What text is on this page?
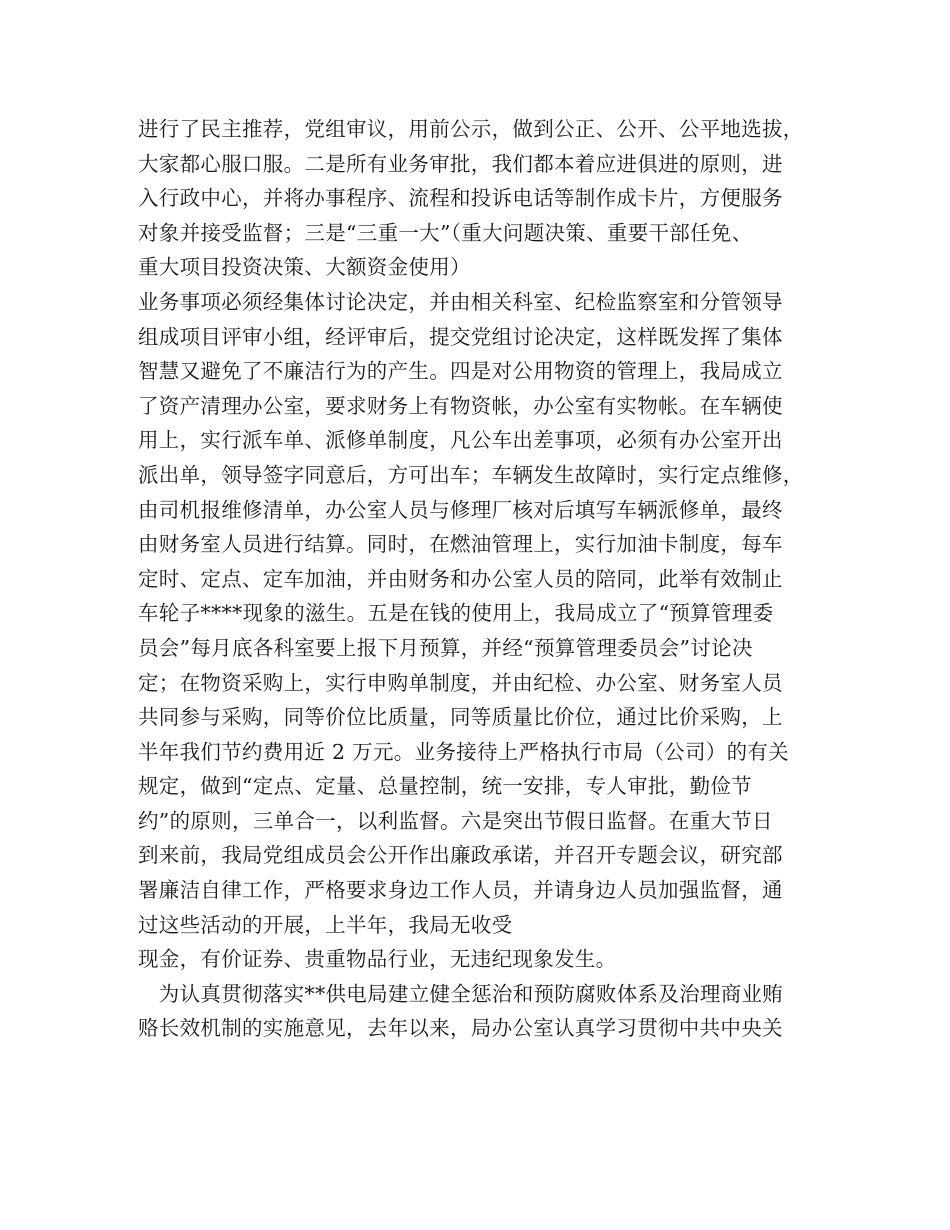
进行了民主推荐，党组审议，用前公示，做到公正、公开、公平地选拔，
大家都心服口服。二是所有业务审批，我们都本着应进俱进的原则，进
入行政中心，并将办事程序、流程和投诉电话等制作成卡片，方便服务
对象并接受监督；三是“三重一大”（重大问题决策、重要干部任免、
重大项目投资决策、大额资金使用）
业务事项必须经集体讨论决定，并由相关科室、纪检监察室和分管领导
组成项目评审小组，经评审后，提交党组讨论决定，这样既发挥了集体
智慧又避免了不廉洁行为的产生。四是对公用物资的管理上，我局成立
了资产清理办公室，要求财务上有物资帐，办公室有实物帐。在车辆使
用上，实行派车单、派修单制度，凡公车出差事项，必须有办公室开出
派出单，领导签字同意后，方可出车；车辆发生故障时，实行定点维修，
由司机报维修清单，办公室人员与修理厂核对后填写车辆派修单，最终
由财务室人员进行结算。同时，在燃油管理上，实行加油卡制度，每车
定时、定点、定车加油，并由财务和办公室人员的陪同，此举有效制止
车轮子****现象的滋生。五是在钱的使用上，我局成立了“预算管理委
员会”每月底各科室要上报下月预算，并经“预算管理委员会”讨论决
定；在物资采购上，实行申购单制度，并由纪检、办公室、财务室人员
共同参与采购，同等价位比质量，同等质量比价位，通过比价采购，上
半年我们节约费用近 2 万元。业务接待上严格执行市局（公司）的有关
规定，做到“定点、定量、总量控制，统一安排，专人审批，勤俭节
约”的原则，三单合一，以利监督。六是突出节假日监督。在重大节日
到来前，我局党组成员会公开作出廉政承诺，并召开专题会议，研究部
署廉洁自律工作，严格要求身边工作人员，并请身边人员加强监督，通
过这些活动的开展，上半年，我局无收受
现金，有价证券、贵重物品行业，无违纪现象发生。
　为认真贯彻落实**供电局建立健全惩治和预防腐败体系及治理商业贿
赂长效机制的实施意见，去年以来，局办公室认真学习贯彻中共中央关
